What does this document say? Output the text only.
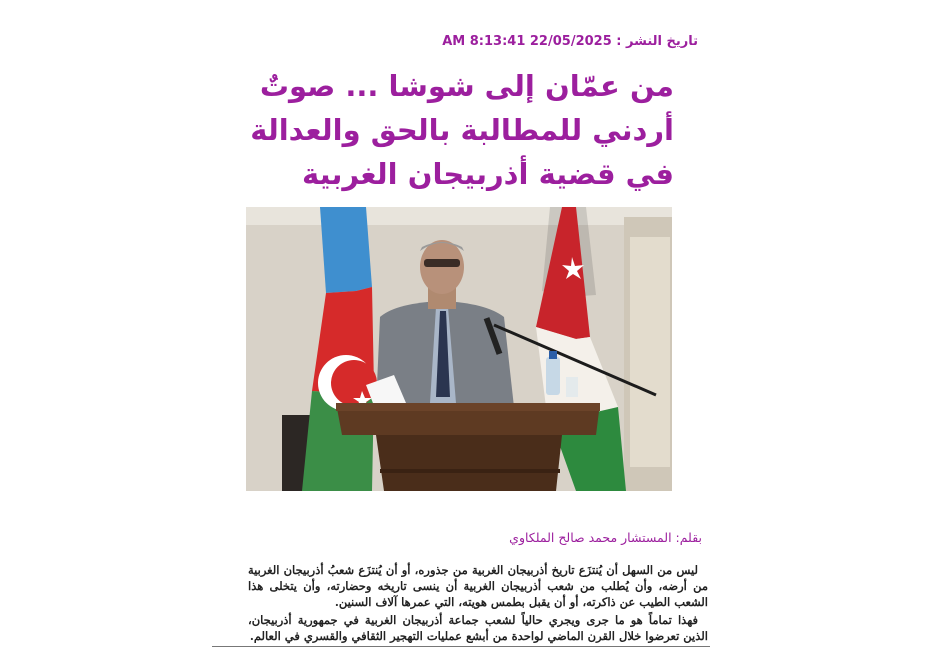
تاريخ النشر : 22/05/2025 8:13:41 AM
من عمّان إلى شوشا ... صوتٌ أردني للمطالبة بالحق والعدالة في قضية أذربيجان الغربية
بقلم: المستشار محمد صالح الملكاوي

ليس من السهل أن يُنتزَع تاريخ أذربيجان الغربية من جذوره، أو أن يُنتزَع شعبُ أذربيجان الغربية من أرضه، وأن يُطلب من شعب أذربيجان الغربية أن ينسى تاريخه وحضارته، وأن يتخلى هذا الشعب الطيب عن ذاكرته، أو أن يقبل بطمس هويته، التي عمرها آلاف السنين.

فهذا تماماً هو ما جرى ويجري حالياً لشعب جماعة أذربيجان الغربية في جمهورية أذربيجان، الذين تعرضوا خلال القرن الماضي لواحدة من أبشع عمليات التهجير الثقافي والقسري في العالم.
